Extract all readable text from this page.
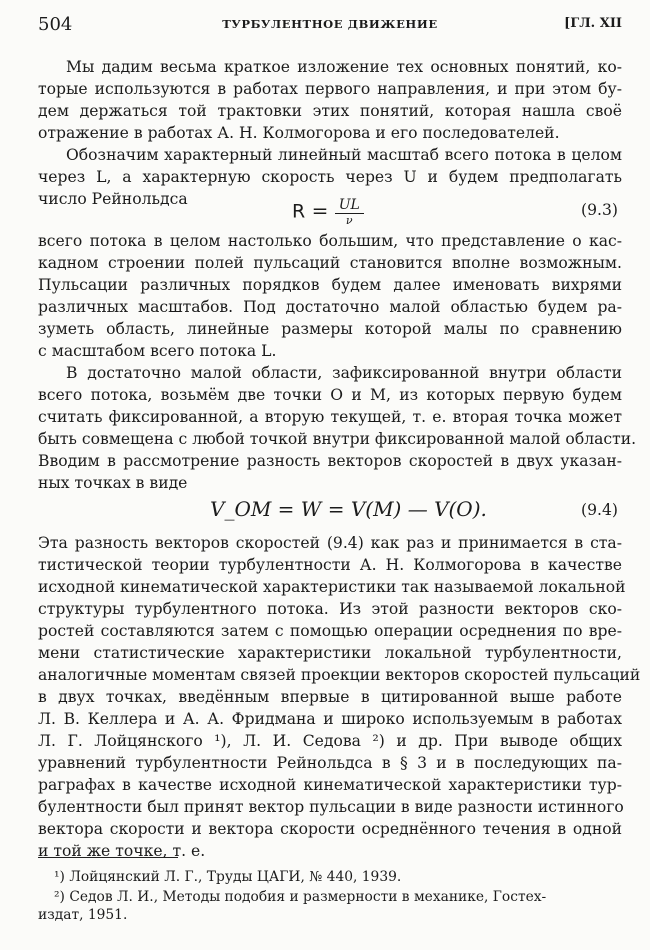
504	ТУРБУЛЕНТНОЕ ДВИЖЕНИЕ	[ГЛ. XII
Мы дадим весьма краткое изложение тех основных понятий, ко-
торые используются в работах первого направления, и при этом бу-
дем держаться той трактовки этих понятий, которая нашла своё
отражение в работах А. Н. Колмогорова и его последователей.
Обозначим характерный линейный масштаб всего потока в целом
через L, а характерную скорость через U и будем предполагать
число Рейнольдса
$R = \frac{UL}{\nu}$	(9.3)
всего потока в целом настолько большим, что представление о кас-
кадном строении полей пульсаций становится вполне возможным.
Пульсации различных порядков будем далее именовать вихрями
различных масштабов. Под достаточно малой областью будем ра-
зуметь область, линейные размеры которой малы по сравнению
с масштабом всего потока L.
В достаточно малой области, зафиксированной внутри области
всего потока, возьмём две точки O и M, из которых первую будем
считать фиксированной, а вторую текущей, т. е. вторая точка может
быть совмещена с любой точкой внутри фиксированной малой области.
Вводим в рассмотрение разность векторов скоростей в двух указан-
ных точках в виде
V_OM = W = V(M) — V(O).	(9.4)
Эта разность векторов скоростей (9.4) как раз и принимается в ста-
тистической теории турбулентности А. Н. Колмогорова в качестве
исходной кинематической характеристики так называемой локальной
структуры турбулентного потока. Из этой разности векторов ско-
ростей составляются затем с помощью операции осреднения по вре-
мени статистические характеристики локальной турбулентности,
аналогичные моментам связей проекции векторов скоростей пульсаций
в двух точках, введённым впервые в цитированной выше работе
Л. В. Келлера и А. А. Фридмана и широко используемым в работах
Л. Г. Лойцянского ¹), Л. И. Седова ²) и др. При выводе общих
уравнений турбулентности Рейнольдса в § 3 и в последующих па-
раграфах в качестве исходной кинематической характеристики тур-
булентности был принят вектор пульсации в виде разности истинного
вектора скорости и вектора скорости осреднённого течения в одной
и той же точке, т. е.
¹) Лойцянский Л. Г., Труды ЦАГИ, № 440, 1939.
²) Седов Л. И., Методы подобия и размерности в механике, Гостех-
издат, 1951.
